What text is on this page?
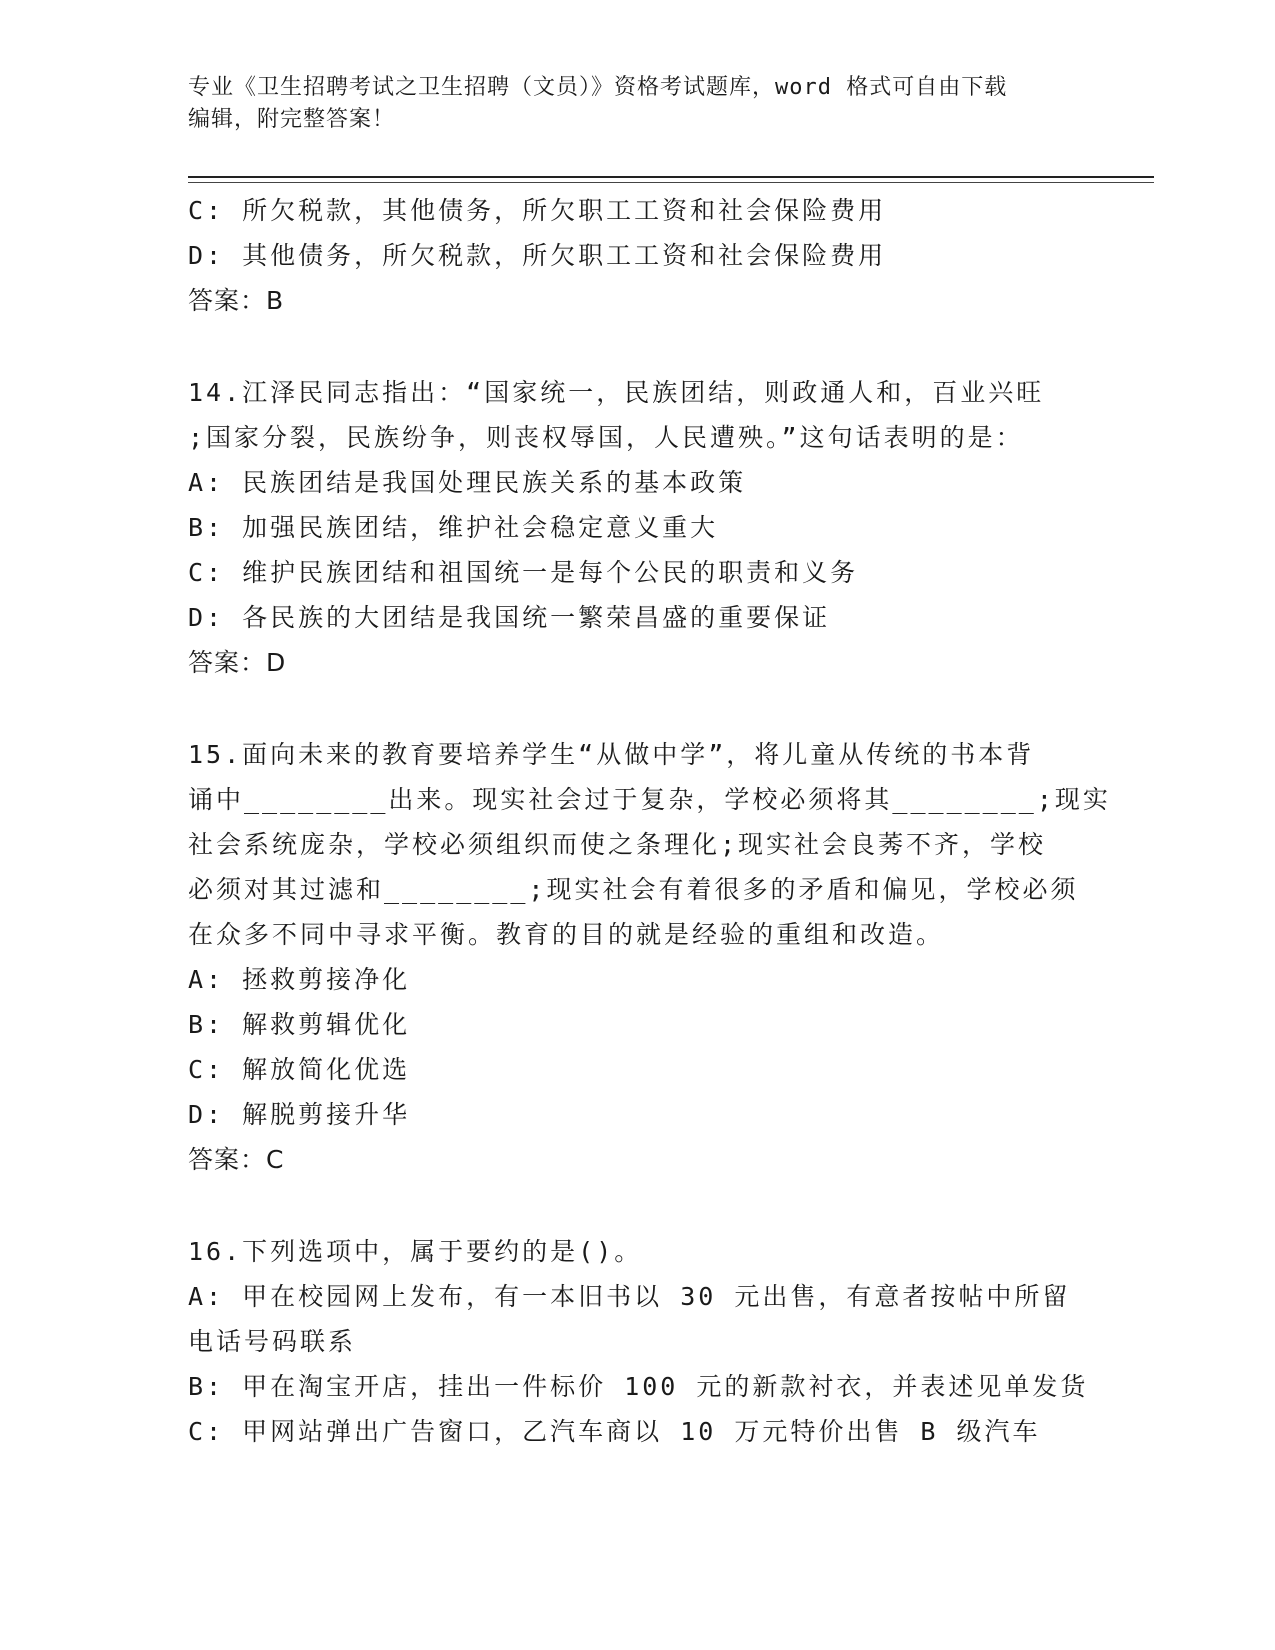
专业《卫生招聘考试之卫生招聘（文员）》资格考试题库，word 格式可自由下载
编辑，附完整答案！
C: 所欠税款，其他债务，所欠职工工资和社会保险费用
D: 其他债务，所欠税款，所欠职工工资和社会保险费用
答案：B
14.江泽民同志指出：“国家统一，民族团结，则政通人和，百业兴旺
;国家分裂，民族纷争，则丧权辱国，人民遭殃。”这句话表明的是：
A: 民族团结是我国处理民族关系的基本政策
B: 加强民族团结，维护社会稳定意义重大
C: 维护民族团结和祖国统一是每个公民的职责和义务
D: 各民族的大团结是我国统一繁荣昌盛的重要保证
答案：D
15.面向未来的教育要培养学生“从做中学”，将儿童从传统的书本背
诵中________出来。现实社会过于复杂，学校必须将其________;现实
社会系统庞杂，学校必须组织而使之条理化;现实社会良莠不齐，学校
必须对其过滤和________;现实社会有着很多的矛盾和偏见，学校必须
在众多不同中寻求平衡。教育的目的就是经验的重组和改造。
A: 拯救剪接净化
B: 解救剪辑优化
C: 解放简化优选
D: 解脱剪接升华
答案：C
16.下列选项中，属于要约的是()。
A: 甲在校园网上发布，有一本旧书以 30 元出售，有意者按帖中所留
电话号码联系
B: 甲在淘宝开店，挂出一件标价 100 元的新款衬衣，并表述见单发货
C: 甲网站弹出广告窗口，乙汽车商以 10 万元特价出售 B 级汽车
